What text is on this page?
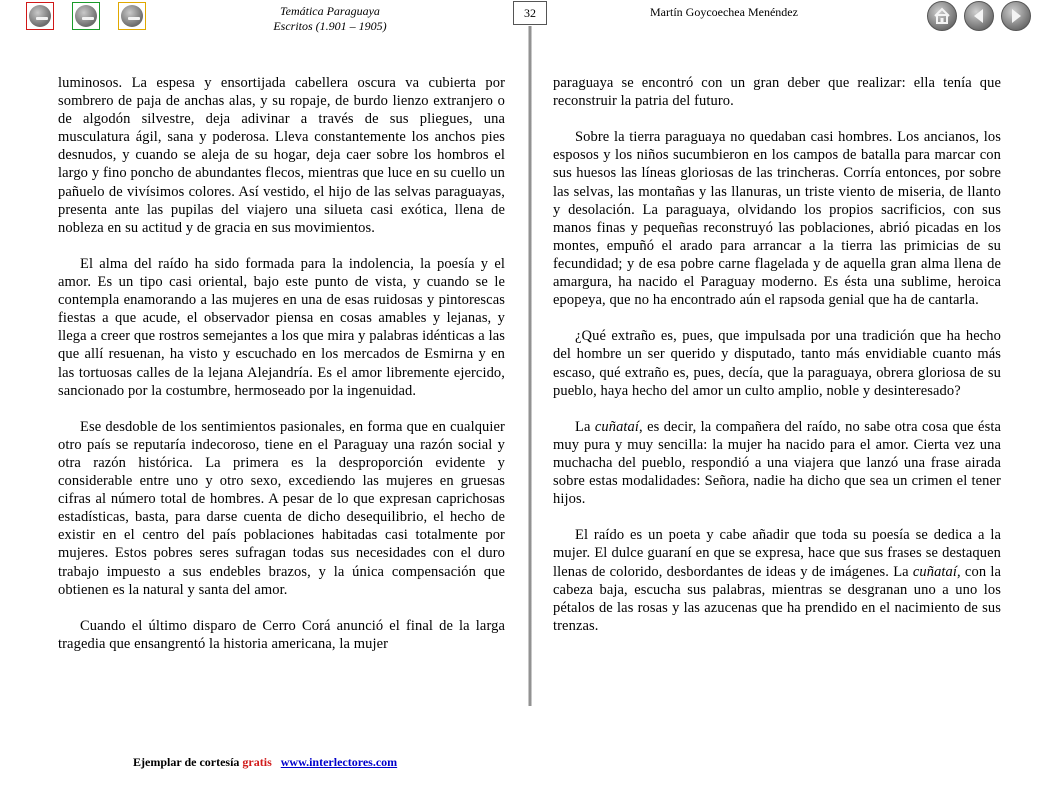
Temática Paraguaya
Escritos (1.901 – 1905)
32	Martín Goycoechea Menéndez

luminosos. La espesa y ensortijada cabellera oscura va cubierta por sombrero de paja de anchas alas, y su ropaje, de burdo lienzo extranjero o de algodón silvestre, deja adivinar a través de sus pliegues, una musculatura ágil, sana y poderosa. Lleva constantemente los anchos pies desnudos, y cuando se aleja de su hogar, deja caer sobre los hombros el largo y fino poncho de abundantes flecos, mientras que luce en su cuello un pañuelo de vivísimos colores. Así vestido, el hijo de las selvas paraguayas, presenta ante las pupilas del viajero una silueta casi exótica, llena de nobleza en su actitud y de gracia en sus movimientos.

El alma del raído ha sido formada para la indolencia, la poesía y el amor. Es un tipo casi oriental, bajo este punto de vista, y cuando se le contempla enamorando a las mujeres en una de esas ruidosas y pintorescas fiestas a que acude, el observador piensa en cosas amables y lejanas, y llega a creer que rostros semejantes a los que mira y palabras idénticas a las que allí resuenan, ha visto y escuchado en los mercados de Esmirna y en las tortuosas calles de la lejana Alejandría. Es el amor libremente ejercido, sancionado por la costumbre, hermoseado por la ingenuidad.

Ese desdoble de los sentimientos pasionales, en forma que en cualquier otro país se reputaría indecoroso, tiene en el Paraguay una razón social y otra razón histórica. La primera es la desproporción evidente y considerable entre uno y otro sexo, excediendo las mujeres en gruesas cifras al número total de hombres. A pesar de lo que expresan caprichosas estadísticas, basta, para darse cuenta de dicho desequilibrio, el hecho de existir en el centro del país poblaciones habitadas casi totalmente por mujeres. Estos pobres seres sufragan todas sus necesidades con el duro trabajo impuesto a sus endebles brazos, y la única compensación que obtienen es la natural y santa del amor.

Cuando el último disparo de Cerro Corá anunció el final de la larga tragedia que ensangrentó la historia americana, la mujer

paraguaya se encontró con un gran deber que realizar: ella tenía que reconstruir la patria del futuro.

Sobre la tierra paraguaya no quedaban casi hombres. Los ancianos, los esposos y los niños sucumbieron en los campos de batalla para marcar con sus huesos las líneas gloriosas de las trincheras. Corría entonces, por sobre las selvas, las montañas y las llanuras, un triste viento de miseria, de llanto y desolación. La paraguaya, olvidando los propios sacrificios, con sus manos finas y pequeñas reconstruyó las poblaciones, abrió picadas en los montes, empuñó el arado para arrancar a la tierra las primicias de su fecundidad; y de esa pobre carne flagelada y de aquella gran alma llena de amargura, ha nacido el Paraguay moderno. Es ésta una sublime, heroica epopeya, que no ha encontrado aún el rapsoda genial que ha de cantarla.

¿Qué extraño es, pues, que impulsada por una tradición que ha hecho del hombre un ser querido y disputado, tanto más envidiable cuanto más escaso, qué extraño es, pues, decía, que la paraguaya, obrera gloriosa de su pueblo, haya hecho del amor un culto amplio, noble y desinteresado?

La cuñataí, es decir, la compañera del raído, no sabe otra cosa que ésta muy pura y muy sencilla: la mujer ha nacido para el amor. Cierta vez una muchacha del pueblo, respondió a una viajera que lanzó una frase airada sobre estas modalidades: Señora, nadie ha dicho que sea un crimen el tener hijos.

El raído es un poeta y cabe añadir que toda su poesía se dedica a la mujer. El dulce guaraní en que se expresa, hace que sus frases se destaquen llenas de colorido, desbordantes de ideas y de imágenes. La cuñataí, con la cabeza baja, escucha sus palabras, mientras se desgranan uno a uno los pétalos de las rosas y las azucenas que ha prendido en el nacimiento de sus trenzas.

Ejemplar de cortesía gratis www.interlectores.com
